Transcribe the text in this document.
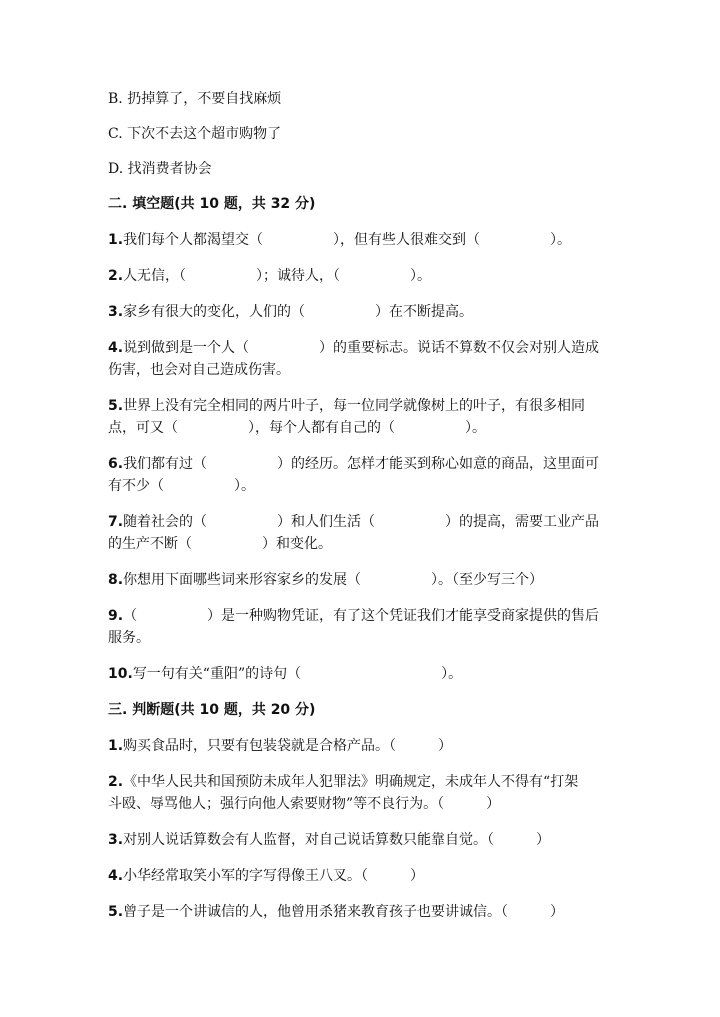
B. 扔掉算了，不要自找麻烦
C. 下次不去这个超市购物了
D. 找消费者协会
二. 填空题(共 10 题，共 32 分)
1.我们每个人都渴望交（　　　　　），但有些人很难交到（　　　　　）。
2.人无信，（　　　　　）；诚待人，（　　　　　）。
3.家乡有很大的变化，人们的（　　　　　）在不断提高。
4.说到做到是一个人（　　　　　）的重要标志。说话不算数不仅会对别人造成
伤害，也会对自己造成伤害。
5.世界上没有完全相同的两片叶子，每一位同学就像树上的叶子，有很多相同
点，可又（　　　　　），每个人都有自己的（　　　　　）。
6.我们都有过（　　　　　）的经历。怎样才能买到称心如意的商品，这里面可
有不少（　　　　　）。
7.随着社会的（　　　　　）和人们生活（　　　　　）的提高，需要工业产品
的生产不断（　　　　　）和变化。
8.你想用下面哪些词来形容家乡的发展（　　　　　）。（至少写三个）
9.（　　　　　）是一种购物凭证，有了这个凭证我们才能享受商家提供的售后
服务。
10.写一句有关“重阳”的诗句（　　　　　　　　　　）。
三. 判断题(共 10 题，共 20 分)
1.购买食品时，只要有包装袋就是合格产品。（　　　）
2.《中华人民共和国预防未成年人犯罪法》明确规定，未成年人不得有“打架
斗殴、辱骂他人；强行向他人索要财物”等不良行为。（　　　）
3.对别人说话算数会有人监督，对自己说话算数只能靠自觉。（　　　）
4.小华经常取笑小军的字写得像王八叉。（　　　）
5.曾子是一个讲诚信的人，他曾用杀猪来教育孩子也要讲诚信。（　　　）
